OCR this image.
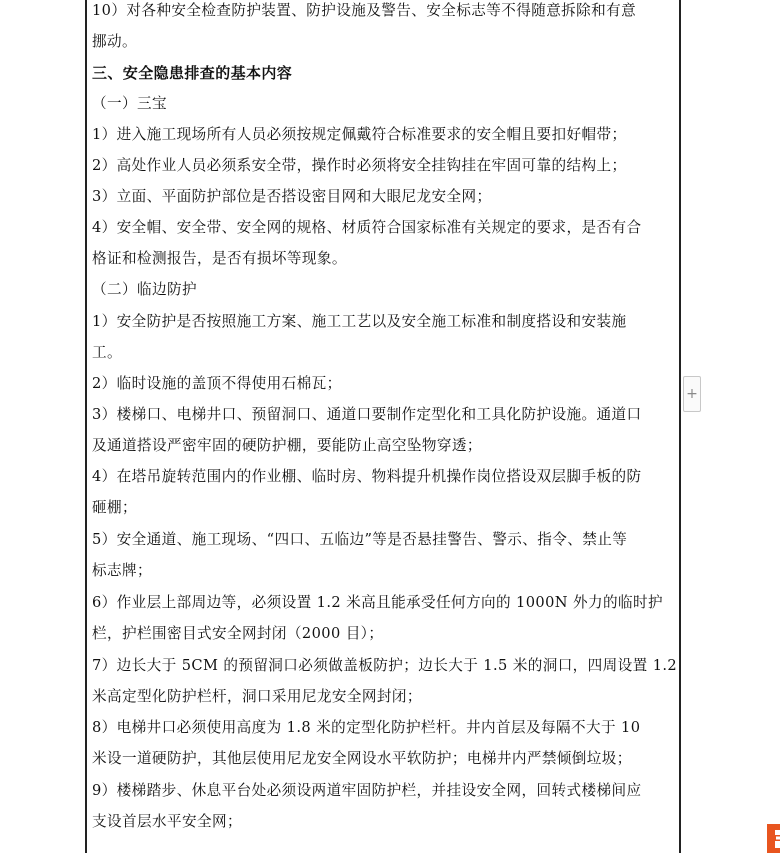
10）对各种安全检查防护装置、防护设施及警告、安全标志等不得随意拆除和有意
挪动。
三、安全隐患排查的基本内容
（一）三宝
1）进入施工现场所有人员必须按规定佩戴符合标准要求的安全帽且要扣好帽带；
2）高处作业人员必须系安全带，操作时必须将安全挂钩挂在牢固可靠的结构上；
3）立面、平面防护部位是否搭设密目网和大眼尼龙安全网；
4）安全帽、安全带、安全网的规格、材质符合国家标准有关规定的要求，是否有合
格证和检测报告，是否有损坏等现象。
（二）临边防护
1）安全防护是否按照施工方案、施工工艺以及安全施工标准和制度搭设和安装施
工。
2）临时设施的盖顶不得使用石棉瓦；
3）楼梯口、电梯井口、预留洞口、通道口要制作定型化和工具化防护设施。通道口
及通道搭设严密牢固的硬防护棚，要能防止高空坠物穿透；
4）在塔吊旋转范围内的作业棚、临时房、物料提升机操作岗位搭设双层脚手板的防
砸棚；
5）安全通道、施工现场、“四口、五临边”等是否悬挂警告、警示、指令、禁止等
标志牌；
6）作业层上部周边等，必须设置 1.2 米高且能承受任何方向的 1000N 外力的临时护
栏，护栏围密目式安全网封闭（2000 目）；
7）边长大于 5CM 的预留洞口必须做盖板防护；边长大于 1.5 米的洞口，四周设置 1.2
米高定型化防护栏杆，洞口采用尼龙安全网封闭；
8）电梯井口必须使用高度为 1.8 米的定型化防护栏杆。井内首层及每隔不大于 10
米设一道硬防护，其他层使用尼龙安全网设水平软防护；电梯井内严禁倾倒垃圾；
9）楼梯踏步、休息平台处必须设两道牢固防护栏，并挂设安全网，回转式楼梯间应
支设首层水平安全网；
+
